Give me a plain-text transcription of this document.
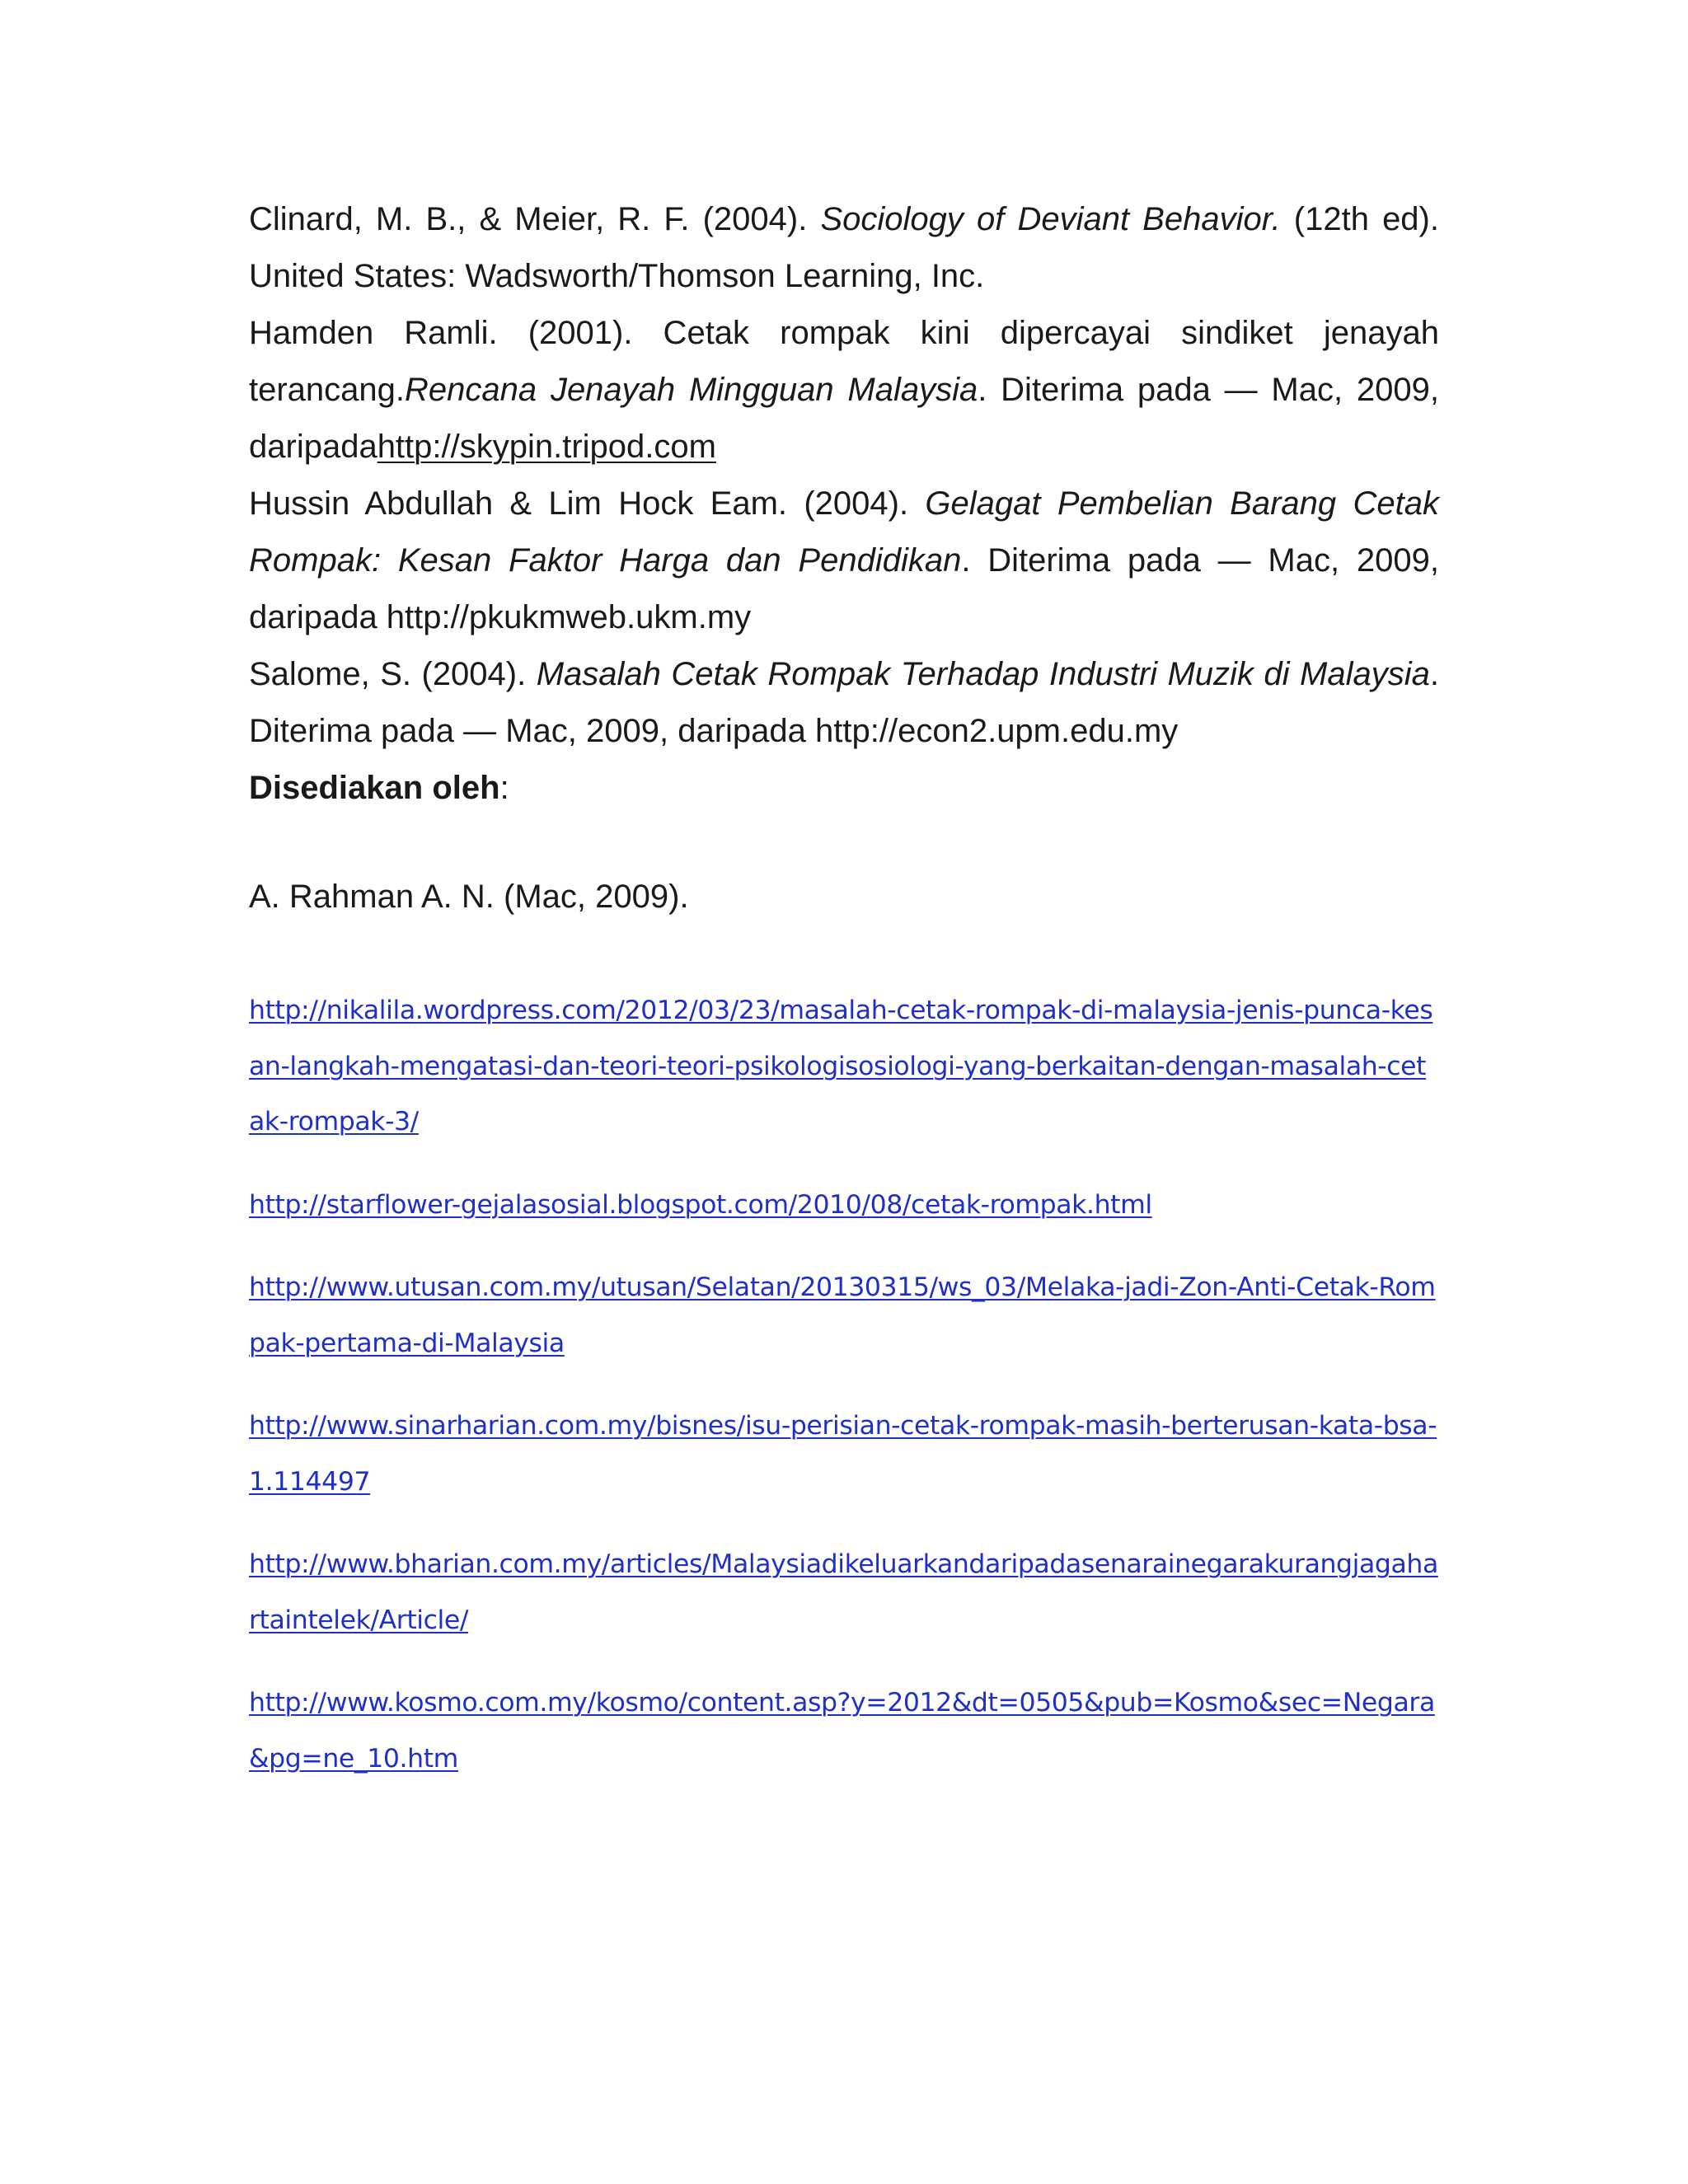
Clinard, M. B., & Meier, R. F. (2004). Sociology of Deviant Behavior. (12th ed). United States: Wadsworth/Thomson Learning, Inc.

Hamden Ramli. (2001). Cetak rompak kini dipercayai sindiket jenayah terancang.Rencana Jenayah Mingguan Malaysia. Diterima pada — Mac, 2009, daripadahttp://skypin.tripod.com

Hussin Abdullah & Lim Hock Eam. (2004). Gelagat Pembelian Barang Cetak Rompak: Kesan Faktor Harga dan Pendidikan. Diterima pada — Mac, 2009, daripada http://pkukmweb.ukm.my

Salome, S. (2004). Masalah Cetak Rompak Terhadap Industri Muzik di Malaysia. Diterima pada — Mac, 2009, daripada http://econ2.upm.edu.my

Disediakan oleh:

A. Rahman A. N. (Mac, 2009).

http://nikalila.wordpress.com/2012/03/23/masalah-cetak-rompak-di-malaysia-jenis-punca-kesan-langkah-mengatasi-dan-teori-teori-psikologisosiologi-yang-berkaitan-dengan-masalah-cetak-rompak-3/
http://starflower-gejalasosial.blogspot.com/2010/08/cetak-rompak.html
http://www.utusan.com.my/utusan/Selatan/20130315/ws_03/Melaka-jadi-Zon-Anti-Cetak-Rompak-pertama-di-Malaysia
http://www.sinarharian.com.my/bisnes/isu-perisian-cetak-rompak-masih-berterusan-kata-bsa-1.114497
http://www.bharian.com.my/articles/Malaysiadikeluarkandaripadasenarainegarakurangjagahartaintelek/Article/
http://www.kosmo.com.my/kosmo/content.asp?y=2012&dt=0505&pub=Kosmo&sec=Negara&pg=ne_10.htm
